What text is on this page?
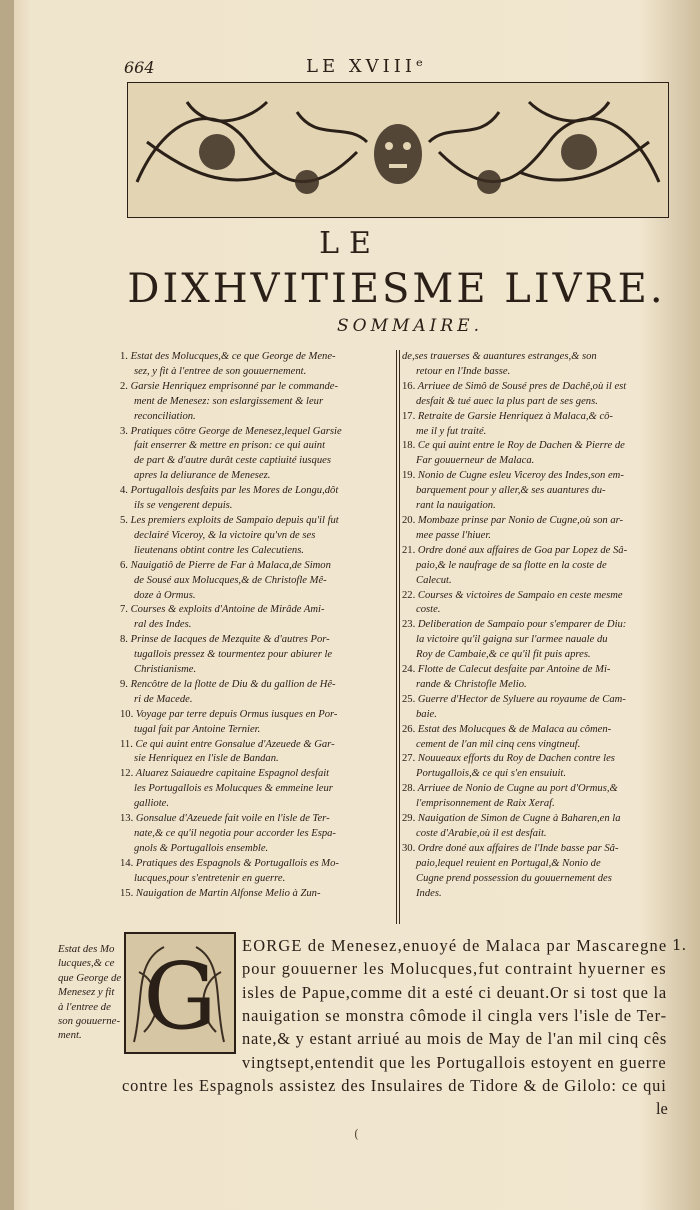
664	LE XVIIIᵉ
LE
DIXHVITIESME LIVRE.
SOMMAIRE.
1. Estat des Molucques,& ce que George de Mene-
sez, y fit à l'entree de son gouuernement.
2. Garsie Henriquez emprisonné par le commande-
ment de Menesez: son eslargissement & leur
reconciliation.
3. Pratiques côtre George de Menesez,lequel Garsie
fait enserrer & mettre en prison: ce qui auint
de part & d'autre durât ceste captiuité iusques
apres la deliurance de Menesez.
4. Portugallois desfaits par les Mores de Longu,dôt
ils se vengerent depuis.
5. Les premiers exploits de Sampaio depuis qu'il fut
declairé Viceroy, & la victoire qu'vn de ses
lieutenans obtint contre les Calecutiens.
6. Nauigatiô de Pierre de Far à Malaca,de Simon
de Sousé aux Molucques,& de Christofle Mê-
doze à Ormus.
7. Courses & exploits d'Antoine de Mirâde Ami-
ral des Indes.
8. Prinse de Iacques de Mezquite & d'autres Por-
tugallois pressez & tourmentez pour abiurer le
Christianisme.
9. Rencôtre de la flotte de Diu & du gallion de Hê-
ri de Macede.
10. Voyage par terre depuis Ormus iusques en Por-
tugal fait par Antoine Ternier.
11. Ce qui auint entre Gonsalue d'Azeuede & Gar-
sie Henriquez en l'isle de Bandan.
12. Aluarez Saiauedre capitaine Espagnol desfait
les Portugallois es Molucques & emmeine leur
galliote.
13. Gonsalue d'Azeuede fait voile en l'isle de Ter-
nate,& ce qu'il negotia pour accorder les Espa-
gnols & Portugallois ensemble.
14. Pratiques des Espagnols & Portugallois es Mo-
lucques,pour s'entretenir en guerre.
15. Nauigation de Martin Alfonse Melio à Zun-
de,ses trauerses & auantures estranges,& son
retour en l'Inde basse.
16. Arriuee de Simô de Sousé pres de Dachê,où il est
desfait & tué auec la plus part de ses gens.
17. Retraite de Garsie Henriquez à Malaca,& cô-
me il y fut traité.
18. Ce qui auint entre le Roy de Dachen & Pierre de
Far gouuerneur de Malaca.
19. Nonio de Cugne esleu Viceroy des Indes,son em-
barquement pour y aller,& ses auantures du-
rant la nauigation.
20. Mombaze prinse par Nonio de Cugne,où son ar-
mee passe l'hiuer.
21. Ordre doné aux affaires de Goa par Lopez de Sâ-
paio,& le naufrage de sa flotte en la coste de
Calecut.
22. Courses & victoires de Sampaio en ceste mesme
coste.
23. Deliberation de Sampaio pour s'emparer de Diu:
la victoire qu'il gaigna sur l'armee nauale du
Roy de Cambaie,& ce qu'il fit puis apres.
24. Flotte de Calecut desfaite par Antoine de Mi-
rande & Christofle Melio.
25. Guerre d'Hector de Syluere au royaume de Cam-
baie.
26. Estat des Molucques & de Malaca au cômen-
cement de l'an mil cinq cens vingtneuf.
27. Nouueaux efforts du Roy de Dachen contre les
Portugallois,& ce qui s'en ensuiuit.
28. Arriuee de Nonio de Cugne au port d'Ormus,&
l'emprisonnement de Raix Xeraf.
29. Nauigation de Simon de Cugne à Baharen,en la
coste d'Arabie,où il est desfait.
30. Ordre doné aux affaires de l'Inde basse par Sâ-
paio,lequel reuient en Portugal,& Nonio de
Cugne prend possession du gouuernement des
Indes.
Estat des Mo
lucques,& ce
que George de
Menesez y fit
à l'entree de
son gouuerne-
ment. G EORGE de Menesez,enuoyé de Malaca par Mascaregne
pour gouuerner les Molucques,fut contraint hyuerner es
isles de Papue,comme dit a esté ci deuant.Or si tost que la
nauigation se monstra cômode il cingla vers l'isle de Ter-
nate,& y estant arriué au mois de May de l'an mil cinq cês
vingtsept,entendit que les Portugallois estoyent en guerre
contre les Espagnols assistez des Insulaires de Tidore & de Gilolo: ce qui
le
1.
(
